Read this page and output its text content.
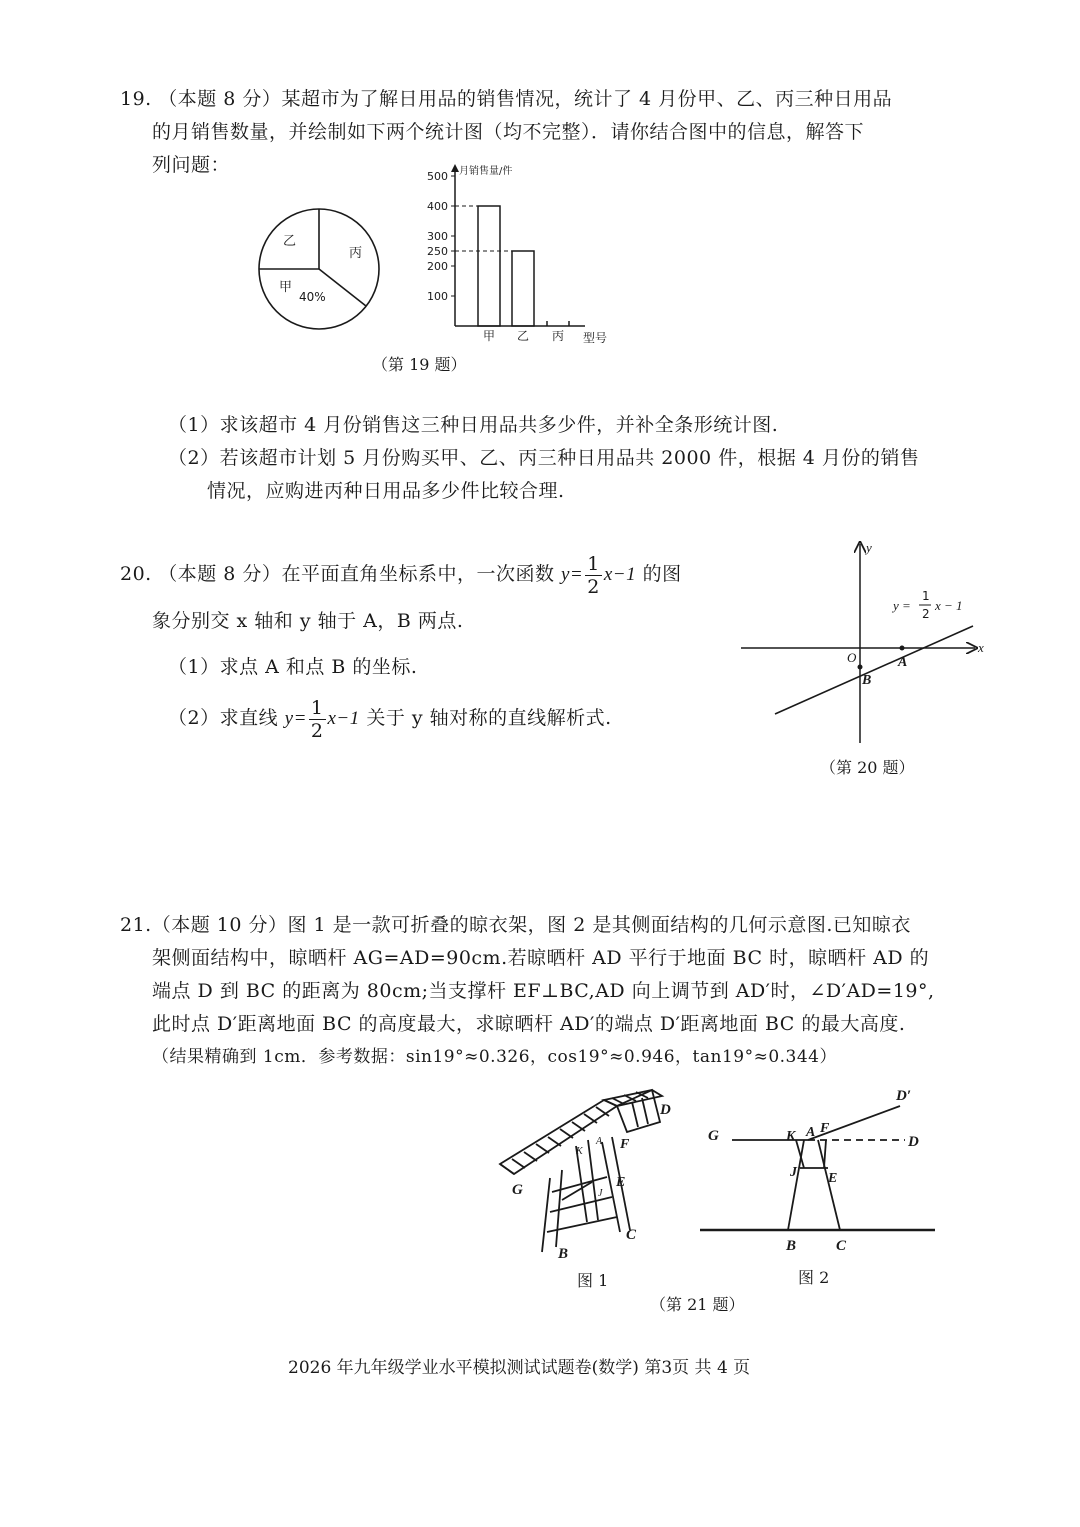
19. （本题 8 分）某超市为了解日用品的销售情况，统计了 4 月份甲、乙、丙三种日用品
的月销售数量，并绘制如下两个统计图（均不完整）．请你结合图中的信息，解答下
列问题：
乙
丙
甲
40%
月销售量/件
100
200
250
300
400
500
甲 乙 丙 型号
（第 19 题）
（1）求该超市 4 月份销售这三种日用品共多少件，并补全条形统计图.
（2）若该超市计划 5 月份购买甲、乙、丙三种日用品共 2000 件，根据 4 月份的销售
情况，应购进丙种日用品多少件比较合理.
20. （本题 8 分）在平面直角坐标系中，一次函数 $y= \frac{1}{2} x-1$ 的图
象分别交 x 轴和 y 轴于 A，B 两点.
（1）求点 A 和点 B 的坐标.
（2）求直线 $y= \frac{1}{2} x-1$ 关于 y 轴对称的直线解析式.
x
y
O	A
B
y =
1
2
x − 1
（第 20 题）
21.（本题 10 分）图 1 是一款可折叠的晾衣架，图 2 是其侧面结构的几何示意图.已知晾衣
架侧面结构中，晾晒杆 AG=AD=90cm.若晾晒杆 AD 平行于地面 BC 时，晾晒杆 AD 的
端点 D 到 BC 的距离为 80cm;当支撑杆 EF⊥BC,AD 向上调节到 AD′时，∠D′AD=19°,
此时点 D′距离地面 BC 的高度最大，求晾晒杆 AD′的端点 D′距离地面 BC 的最大高度.
（结果精确到 1cm．参考数据：sin19°≈0.326，cos19°≈0.946，tan19°≈0.344）
D
F
E
G
C
B
A
K
J
图 1
D′
G	K A F
D
J E
B	C
图 2
（第 21 题）
2026 年九年级学业水平模拟测试试题卷(数学) 第3页 共 4 页
